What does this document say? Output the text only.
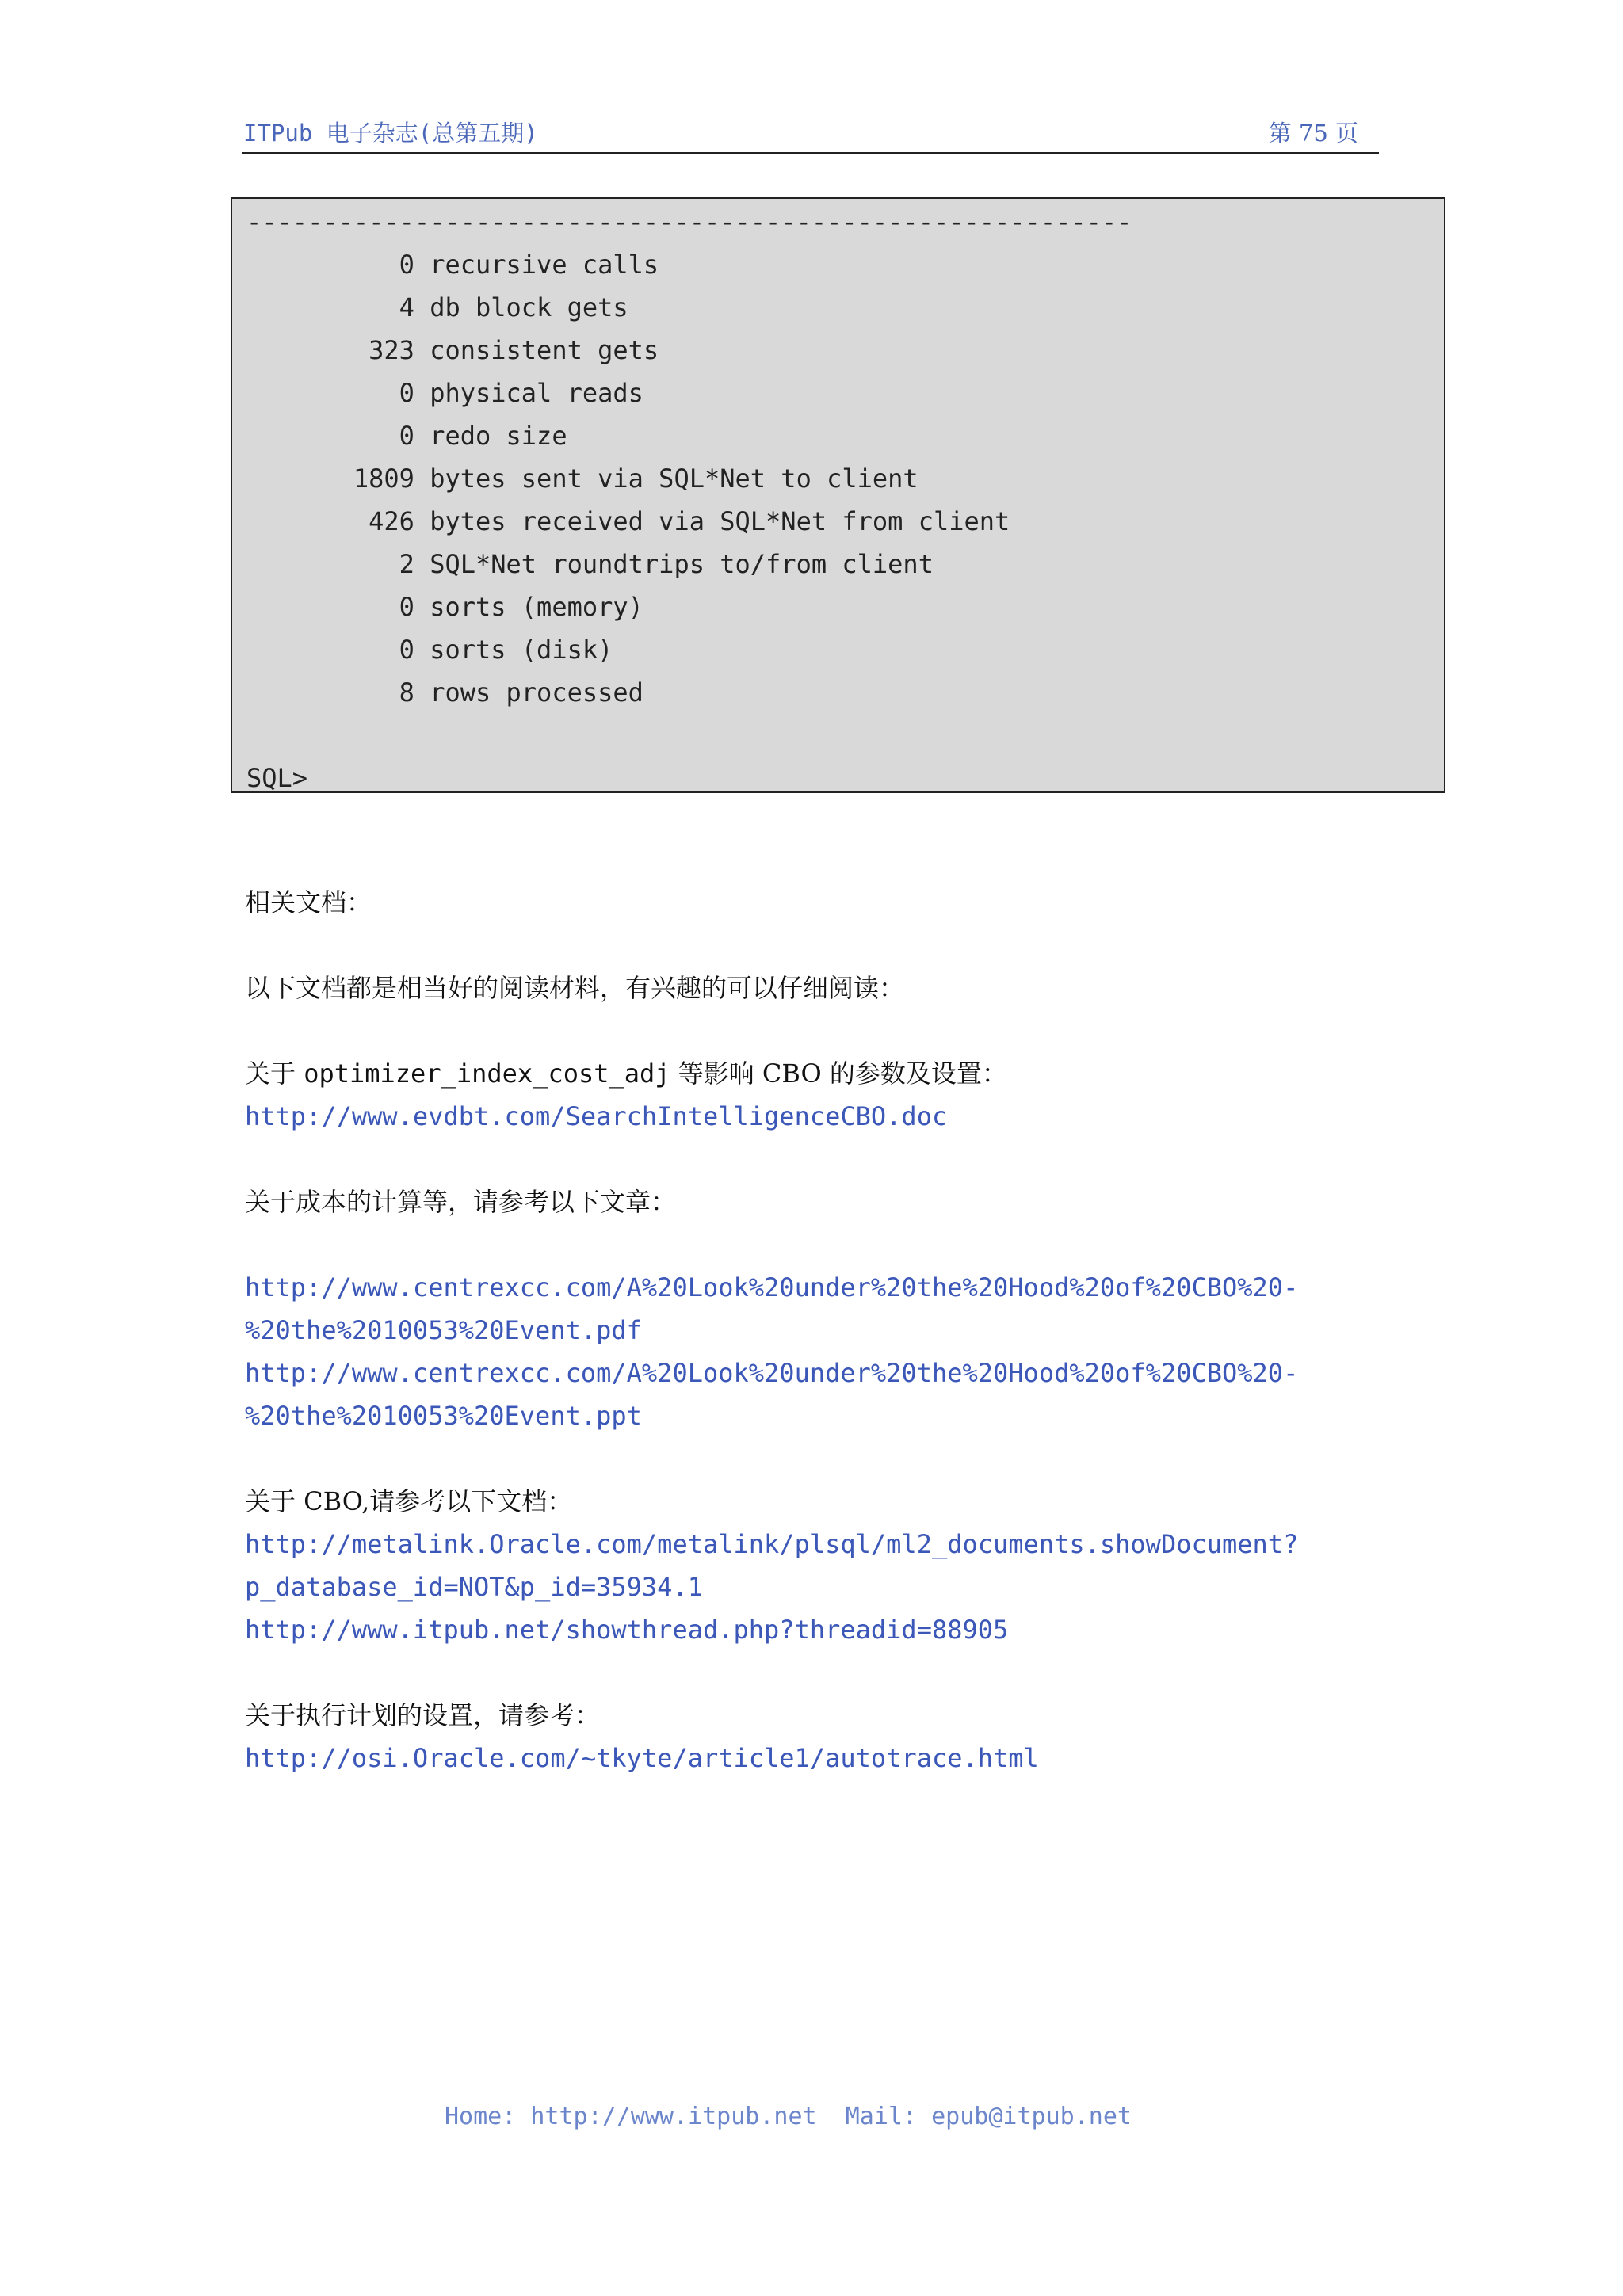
ITPub 电子杂志(总第五期)	第 75 页
----------------------------------------------------------
0 recursive calls
4 db block gets
323 consistent gets
0 physical reads
0 redo size
1809 bytes sent via SQL*Net to client
426 bytes received via SQL*Net from client
2 SQL*Net roundtrips to/from client
0 sorts (memory)
0 sorts (disk)
8 rows processed
SQL>
相关文档：
以下文档都是相当好的阅读材料，有兴趣的可以仔细阅读：
关于 optimizer_index_cost_adj 等影响 CBO 的参数及设置：
http://www.evdbt.com/SearchIntelligenceCBO.doc
关于成本的计算等，请参考以下文章：
http://www.centrexcc.com/A%20Look%20under%20the%20Hood%20of%20CBO%20-
%20the%2010053%20Event.pdf
http://www.centrexcc.com/A%20Look%20under%20the%20Hood%20of%20CBO%20-
%20the%2010053%20Event.ppt
关于 CBO,请参考以下文档：
http://metalink.Oracle.com/metalink/plsql/ml2_documents.showDocument?
p_database_id=NOT&p_id=35934.1
http://www.itpub.net/showthread.php?threadid=88905
关于执行计划的设置，请参考：
http://osi.Oracle.com/~tkyte/article1/autotrace.html
Home: http://www.itpub.net  Mail: epub@itpub.net
